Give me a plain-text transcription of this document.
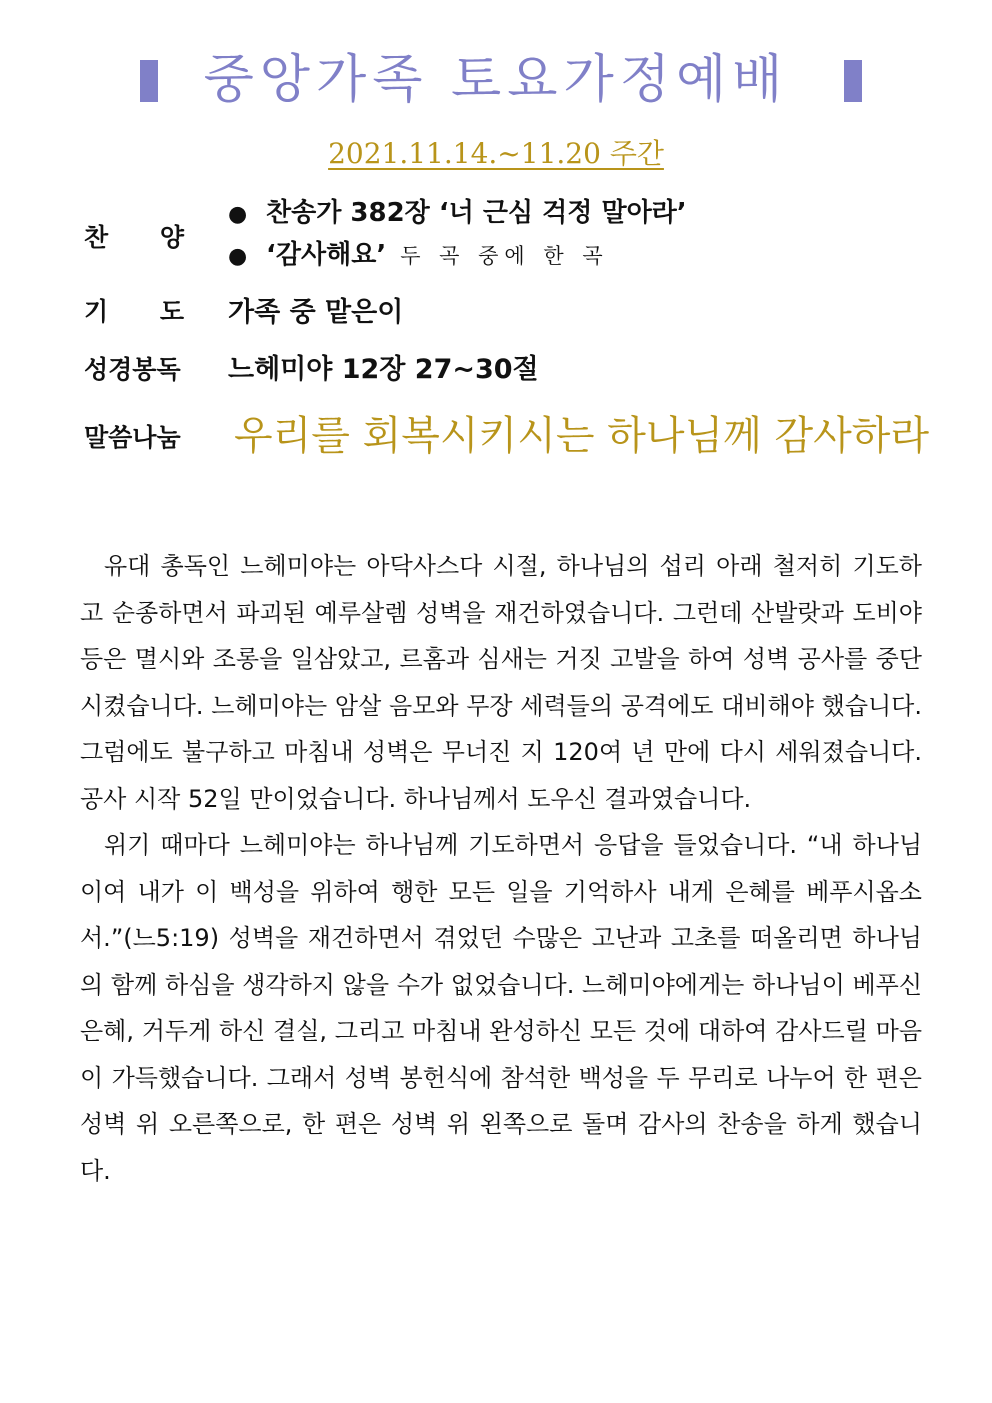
중앙가족 토요가정예배
2021.11.14.~11.20 주간
찬 양
● 찬송가 382장 ‘너 근심 걱정 말아라’
● ‘감사해요’ 두 곡 중에 한 곡
기 도 가족 중 맡은이
성경봉독 느헤미야 12장 27~30절
말씀나눔 우리를 회복시키시는 하나님께 감사하라

유대 총독인 느헤미야는 아닥사스다 시절, 하나님의 섭리 아래 철저히 기도하고 순종하면서 파괴된 예루살렘 성벽을 재건하였습니다. 그런데 산발랏과 도비야 등은 멸시와 조롱을 일삼았고, 르홈과 심새는 거짓 고발을 하여 성벽 공사를 중단시켰습니다. 느헤미야는 암살 음모와 무장 세력들의 공격에도 대비해야 했습니다. 그럼에도 불구하고 마침내 성벽은 무너진 지 120여 년 만에 다시 세워졌습니다. 공사 시작 52일 만이었습니다. 하나님께서 도우신 결과였습니다.

위기 때마다 느헤미야는 하나님께 기도하면서 응답을 들었습니다. “내 하나님이여 내가 이 백성을 위하여 행한 모든 일을 기억하사 내게 은혜를 베푸시옵소서.”(느5:19) 성벽을 재건하면서 겪었던 수많은 고난과 고초를 떠올리면 하나님의 함께 하심을 생각하지 않을 수가 없었습니다. 느헤미야에게는 하나님이 베푸신 은혜, 거두게 하신 결실, 그리고 마침내 완성하신 모든 것에 대하여 감사드릴 마음이 가득했습니다. 그래서 성벽 봉헌식에 참석한 백성을 두 무리로 나누어 한 편은 성벽 위 오른쪽으로, 한 편은 성벽 위 왼쪽으로 돌며 감사의 찬송을 하게 했습니다.
